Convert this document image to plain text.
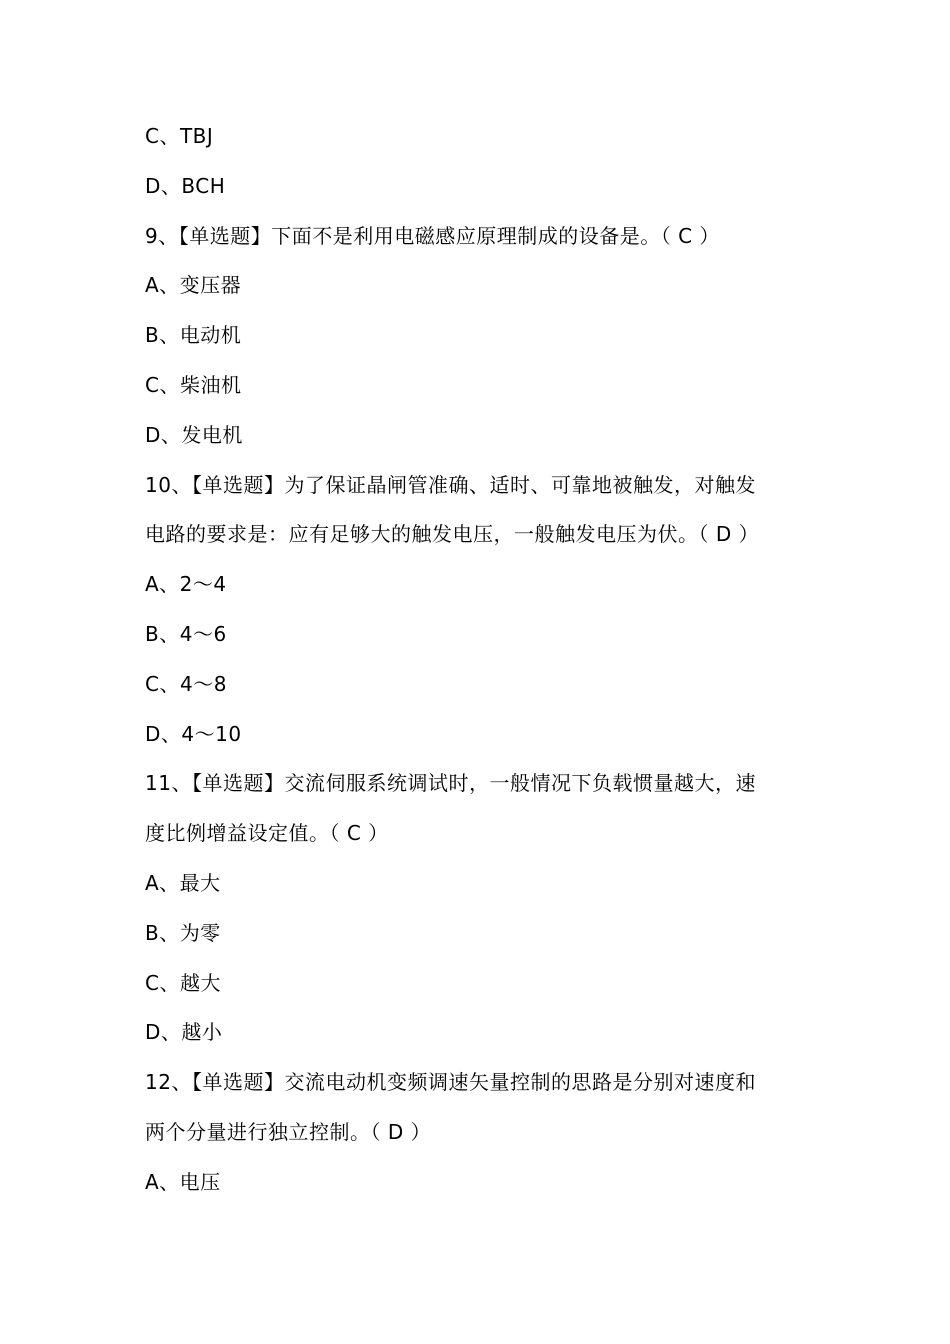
C、TBJ
D、BCH
9、【单选题】下面不是利用电磁感应原理制成的设备是。（ C ）
A、变压器
B、电动机
C、柴油机
D、发电机
10、【单选题】为了保证晶闸管准确、适时、可靠地被触发，对触发
电路的要求是：应有足够大的触发电压，一般触发电压为伏。（ D ）
A、2～4
B、4～6
C、4～8
D、4～10
11、【单选题】交流伺服系统调试时，一般情况下负载惯量越大，速
度比例增益设定值。（ C ）
A、最大
B、为零
C、越大
D、越小
12、【单选题】交流电动机变频调速矢量控制的思路是分别对速度和
两个分量进行独立控制。（ D ）
A、电压
